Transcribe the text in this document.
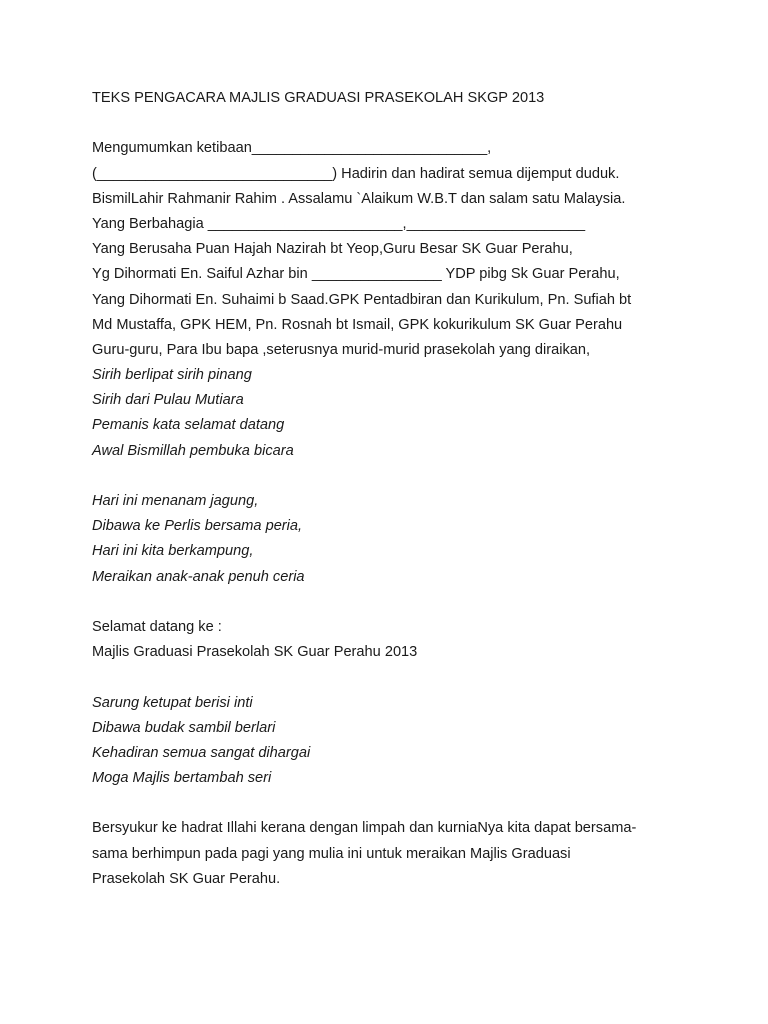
TEKS PENGACARA MAJLIS GRADUASI PRASEKOLAH SKGP 2013
Mengumumkan ketibaan_____________________________,
(_____________________________) Hadirin dan hadirat semua dijemput duduk.
BismilLahir Rahmanir Rahim . Assalamu `Alaikum W.B.T dan salam satu Malaysia.
Yang Berbahagia ________________________,______________________
Yang Berusaha Puan Hajah Nazirah bt Yeop,Guru Besar SK Guar Perahu,
Yg Dihormati En. Saiful Azhar bin ________________ YDP pibg Sk Guar Perahu,
Yang Dihormati En. Suhaimi b Saad.GPK Pentadbiran dan Kurikulum, Pn. Sufiah bt
Md Mustaffa, GPK HEM, Pn. Rosnah bt Ismail, GPK kokurikulum SK Guar Perahu
Guru-guru, Para Ibu bapa ,seterusnya murid-murid prasekolah yang diraikan,
Sirih berlipat sirih pinang
Sirih dari Pulau Mutiara
Pemanis kata selamat datang
Awal Bismillah pembuka bicara
Hari ini menanam jagung,
Dibawa ke Perlis bersama peria,
Hari ini kita berkampung,
Meraikan anak-anak penuh ceria
Selamat datang ke :
Majlis Graduasi Prasekolah SK Guar Perahu 2013
Sarung ketupat berisi inti
Dibawa budak sambil berlari
Kehadiran semua sangat dihargai
Moga Majlis bertambah seri
Bersyukur ke hadrat Illahi kerana dengan limpah dan kurniaNya kita dapat bersama-
sama berhimpun pada pagi yang mulia ini untuk meraikan Majlis Graduasi
Prasekolah SK Guar Perahu.
